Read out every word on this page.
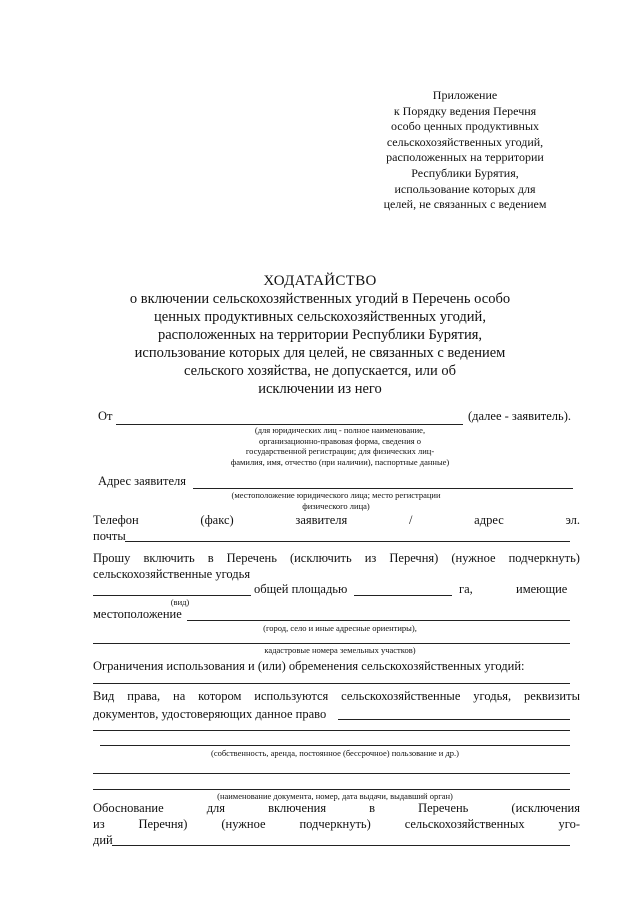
Приложение
к Порядку ведения Перечня
особо ценных продуктивных
сельскохозяйственных угодий,
расположенных на территории
Республики Бурятия,
использование которых для
целей, не связанных с ведением
ХОДАТАЙСТВО
о включении сельскохозяйственных угодий в Перечень особо
ценных продуктивных сельскохозяйственных угодий,
расположенных на территории Республики Бурятия,
использование которых для целей, не связанных с ведением
сельского хозяйства, не допускается, или об
исключении из него
От	(далее - заявитель).
(для юридических лиц - полное наименование,
организационно-правовая форма, сведения о
государственной регистрации; для физических лиц-
фамилия, имя, отчество (при наличии), паспортные данные)
Адрес заявителя
(местоположение юридического лица; место регистрации
физического лица)
Телефон	(факс)	заявителя	/	адрес	эл.
почты
Прошу включить в Перечень (исключить из Перечня) (нужное подчеркнуть)
сельскохозяйственные угодья
общей площадью	га,	имеющие
(вид)
местоположение
(город, село и иные адресные ориентиры),
кадастровые номера земельных участков)
Ограничения использования и (или) обременения сельскохозяйственных угодий:
Вид права, на котором используются сельскохозяйственные угодья, реквизиты
документов, удостоверяющих данное право
(собственность, аренда, постоянное (бессрочное) пользование и др.)
(наименование документа, номер, дата выдачи, выдавший орган)
Обоснование	для	включения	в	Перечень	(исключения
из	Перечня)	(нужное	подчеркнуть)	сельскохозяйственных	уго-
дий
